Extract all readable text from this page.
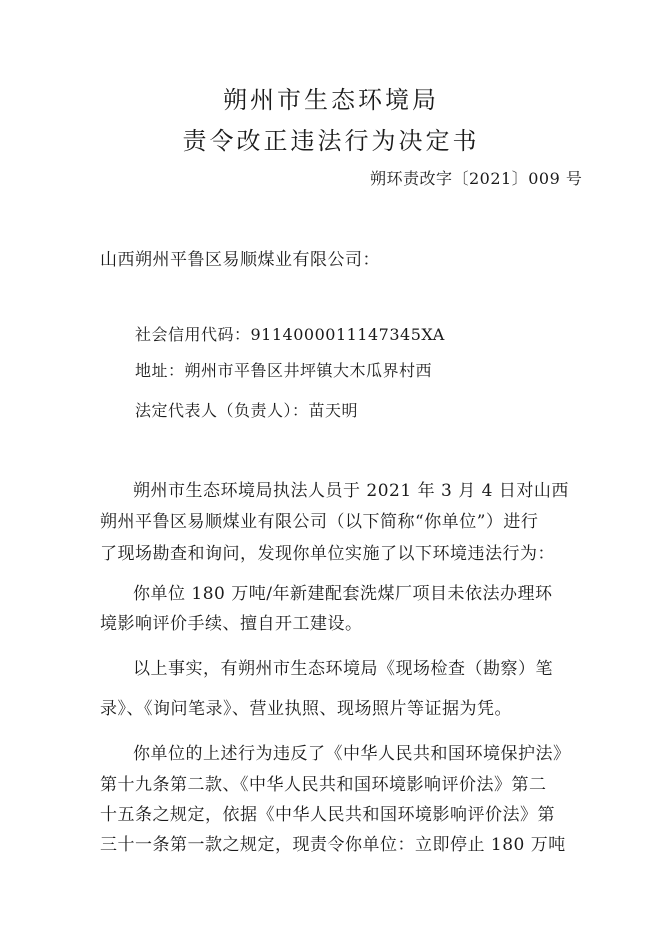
朔州市生态环境局
责令改正违法行为决定书
朔环责改字〔2021〕009 号
山西朔州平鲁区易顺煤业有限公司：
社会信用代码：9114000011147345XA
地址：朔州市平鲁区井坪镇大木瓜界村西
法定代表人（负责人）：苗天明
朔州市生态环境局执法人员于 2021 年 3 月 4 日对山西
朔州平鲁区易顺煤业有限公司（以下简称“你单位”）进行
了现场勘查和询问，发现你单位实施了以下环境违法行为：
你单位 180 万吨/年新建配套洗煤厂项目未依法办理环
境影响评价手续、擅自开工建设。
以上事实，有朔州市生态环境局《现场检查（勘察）笔
录》、《询问笔录》、营业执照、现场照片等证据为凭。
你单位的上述行为违反了《中华人民共和国环境保护法》
第十九条第二款、《中华人民共和国环境影响评价法》第二
十五条之规定，依据《中华人民共和国环境影响评价法》第
三十一条第一款之规定，现责令你单位：立即停止 180 万吨
